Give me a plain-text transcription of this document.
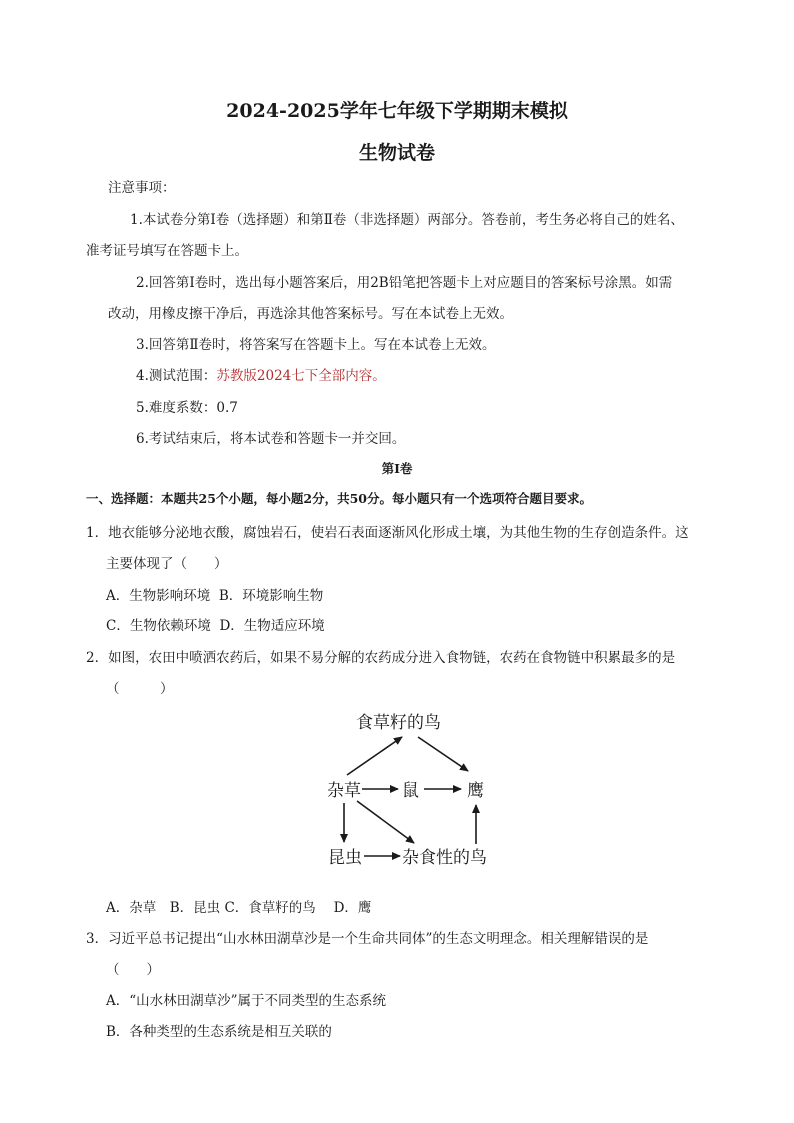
2024-2025学年七年级下学期期末模拟
生物试卷
注意事项：
1.本试卷分第Ⅰ卷（选择题）和第Ⅱ卷（非选择题）两部分。答卷前，考生务必将自己的姓名、
准考证号填写在答题卡上。
2.回答第Ⅰ卷时，选出每小题答案后，用2B铅笔把答题卡上对应题目的答案标号涂黑。如需
改动，用橡皮擦干净后，再选涂其他答案标号。写在本试卷上无效。
3.回答第Ⅱ卷时，将答案写在答题卡上。写在本试卷上无效。
4.测试范围：苏教版2024七下全部内容。
5.难度系数：0.7
6.考试结束后，将本试卷和答题卡一并交回。
第Ⅰ卷
一、选择题：本题共25个小题，每小题2分，共50分。每小题只有一个选项符合题目要求。
1．地衣能够分泌地衣酸，腐蚀岩石，使岩石表面逐渐风化形成土壤，为其他生物的生存创造条件。这
主要体现了（　　）
A．生物影响环境 B．环境影响生物
C．生物依赖环境 D．生物适应环境
2．如图，农田中喷洒农药后，如果不易分解的农药成分进入食物链，农药在食物链中积累最多的是
（　　　）
食草籽的鸟
杂草 鼠	鹰
昆虫 杂食性的鸟
A．杂草　B．昆虫 C．食草籽的鸟　 D．鹰
3．习近平总书记提出“山水林田湖草沙是一个生命共同体”的生态文明理念。相关理解错误的是
（　　）
A．“山水林田湖草沙”属于不同类型的生态系统
B．各种类型的生态系统是相互关联的
